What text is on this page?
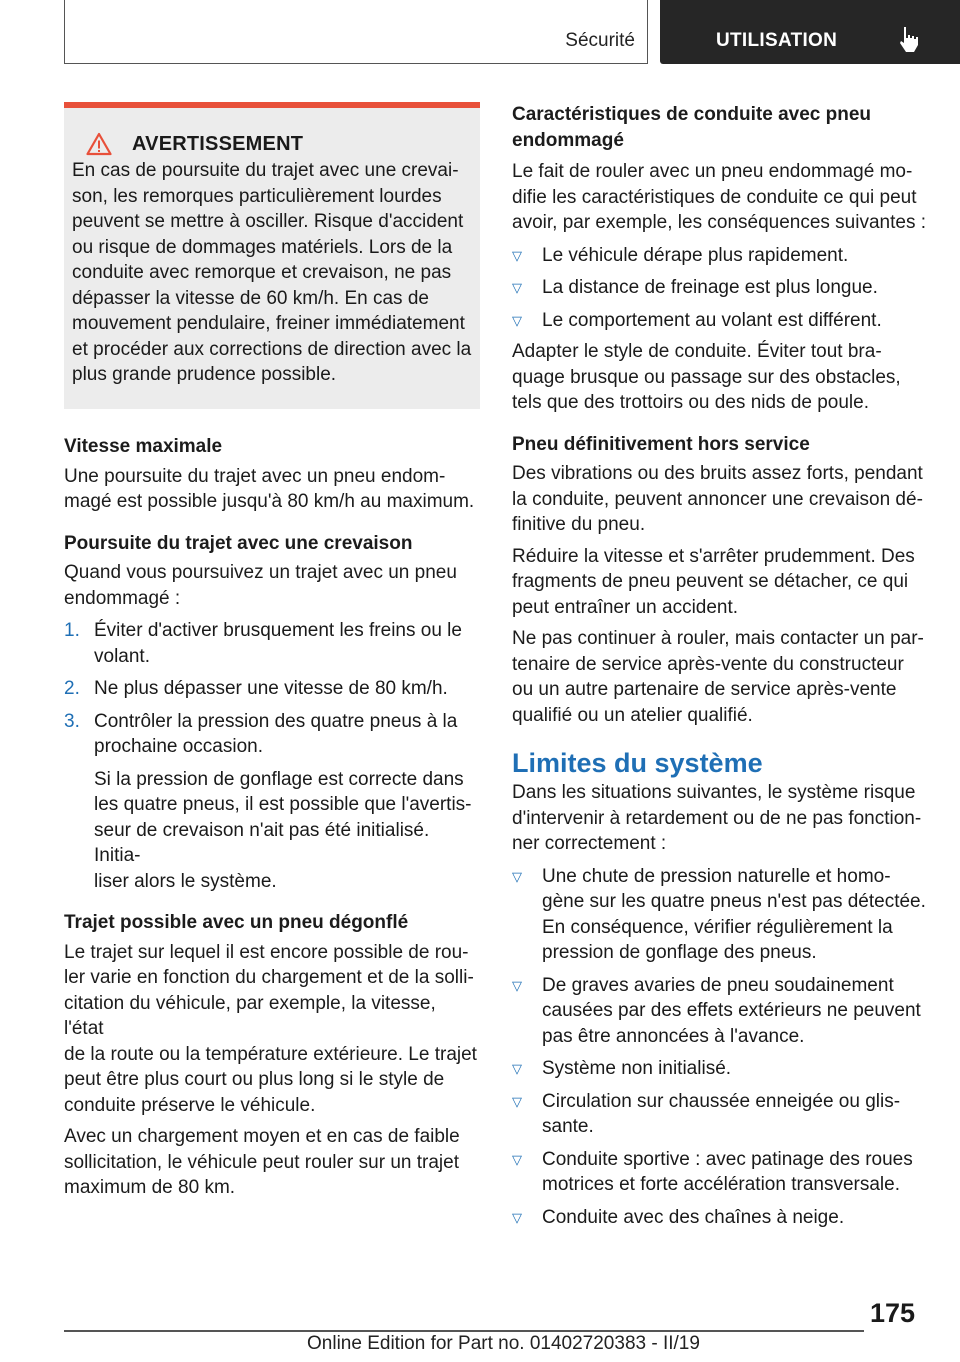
Sécurité	UTILISATION
AVERTISSEMENT
En cas de poursuite du trajet avec une crevai-
son, les remorques particulièrement lourdes
peuvent se mettre à osciller. Risque d'accident
ou risque de dommages matériels. Lors de la
conduite avec remorque et crevaison, ne pas
dépasser la vitesse de 60 km/h. En cas de
mouvement pendulaire, freiner immédiatement
et procéder aux corrections de direction avec la
plus grande prudence possible.
Vitesse maximale
Une poursuite du trajet avec un pneu endom-
magé est possible jusqu'à 80 km/h au maximum.
Poursuite du trajet avec une crevaison
Quand vous poursuivez un trajet avec un pneu
endommagé :
1. Éviter d'activer brusquement les freins ou le
volant.
2. Ne plus dépasser une vitesse de 80 km/h.
3. Contrôler la pression des quatre pneus à la
prochaine occasion.
Si la pression de gonflage est correcte dans
les quatre pneus, il est possible que l'avertis-
seur de crevaison n'ait pas été initialisé. Initia-
liser alors le système.
Trajet possible avec un pneu dégonflé
Le trajet sur lequel il est encore possible de rou-
ler varie en fonction du chargement et de la solli-
citation du véhicule, par exemple, la vitesse, l'état
de la route ou la température extérieure. Le trajet
peut être plus court ou plus long si le style de
conduite préserve le véhicule.
Avec un chargement moyen et en cas de faible
sollicitation, le véhicule peut rouler sur un trajet
maximum de 80 km.
Caractéristiques de conduite avec pneu
endommagé
Le fait de rouler avec un pneu endommagé mo-
difie les caractéristiques de conduite ce qui peut
avoir, par exemple, les conséquences suivantes :
▽	Le véhicule dérape plus rapidement.
▽	La distance de freinage est plus longue.
▽	Le comportement au volant est différent.
Adapter le style de conduite. Éviter tout bra-
quage brusque ou passage sur des obstacles,
tels que des trottoirs ou des nids de poule.
Pneu définitivement hors service
Des vibrations ou des bruits assez forts, pendant
la conduite, peuvent annoncer une crevaison dé-
finitive du pneu.
Réduire la vitesse et s'arrêter prudemment. Des
fragments de pneu peuvent se détacher, ce qui
peut entraîner un accident.
Ne pas continuer à rouler, mais contacter un par-
tenaire de service après-vente du constructeur
ou un autre partenaire de service après-vente
qualifié ou un atelier qualifié.
Limites du système
Dans les situations suivantes, le système risque
d'intervenir à retardement ou de ne pas fonction-
ner correctement :
▽	Une chute de pression naturelle et homo-
gène sur les quatre pneus n'est pas détectée.
En conséquence, vérifier régulièrement la
pression de gonflage des pneus.
▽	De graves avaries de pneu soudainement
causées par des effets extérieurs ne peuvent
pas être annoncées à l'avance.
▽	Système non initialisé.
▽	Circulation sur chaussée enneigée ou glis-
sante.
▽	Conduite sportive : avec patinage des roues
motrices et forte accélération transversale.
▽	Conduite avec des chaînes à neige.
175
Online Edition for Part no. 01402720383 - II/19
